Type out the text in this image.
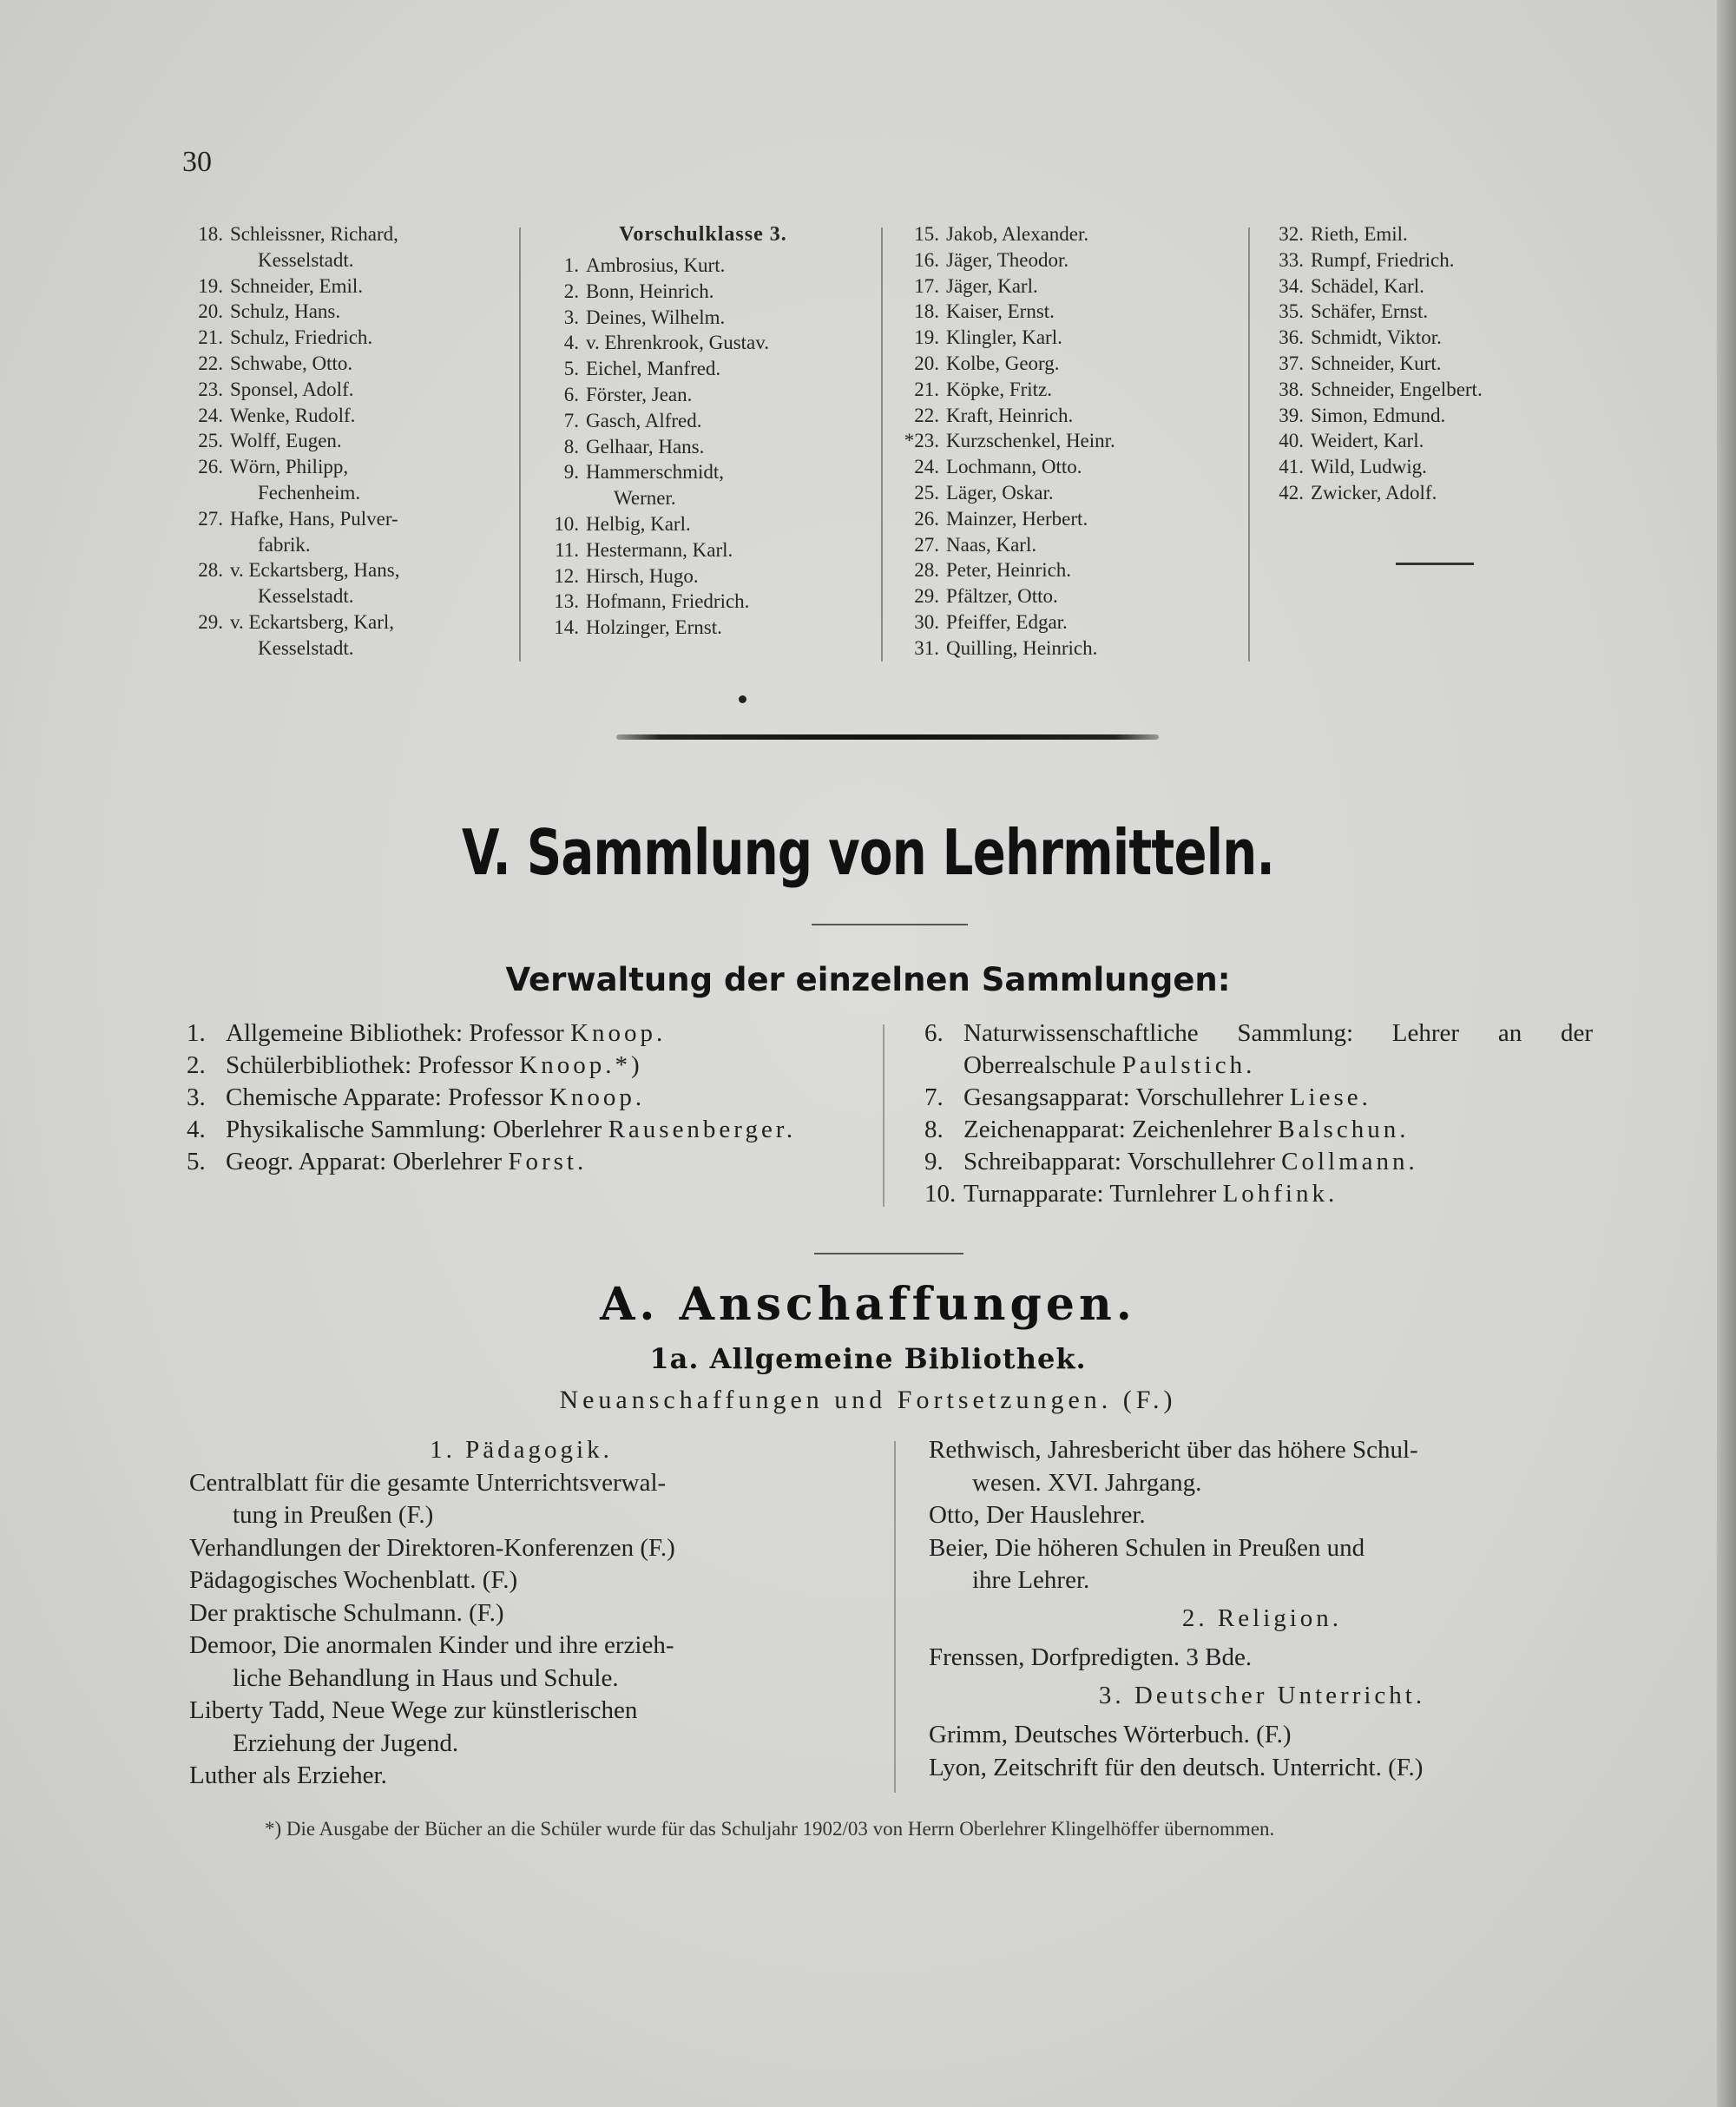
30
18. Schleissner, Richard,
Kesselstadt.
19. Schneider, Emil.
20. Schulz, Hans.
21. Schulz, Friedrich.
22. Schwabe, Otto.
23. Sponsel, Adolf.
24. Wenke, Rudolf.
25. Wolff, Eugen.
26. Wörn, Philipp,
Fechenheim.
27. Hafke, Hans, Pulver-
fabrik.
28. v. Eckartsberg, Hans,
Kesselstadt.
29. v. Eckartsberg, Karl,
Kesselstadt.
Vorschulklasse 3.
1. Ambrosius, Kurt.
2. Bonn, Heinrich.
3. Deines, Wilhelm.
4. v. Ehrenkrook, Gustav.
5. Eichel, Manfred.
6. Förster, Jean.
7. Gasch, Alfred.
8. Gelhaar, Hans.
9. Hammerschmidt,
Werner.
10. Helbig, Karl.
11. Hestermann, Karl.
12. Hirsch, Hugo.
13. Hofmann, Friedrich.
14. Holzinger, Ernst.
15. Jakob, Alexander.
16. Jäger, Theodor.
17. Jäger, Karl.
18. Kaiser, Ernst.
19. Klingler, Karl.
20. Kolbe, Georg.
21. Köpke, Fritz.
22. Kraft, Heinrich.
*23. Kurzschenkel, Heinr.
24. Lochmann, Otto.
25. Läger, Oskar.
26. Mainzer, Herbert.
27. Naas, Karl.
28. Peter, Heinrich.
29. Pfältzer, Otto.
30. Pfeiffer, Edgar.
31. Quilling, Heinrich.
32. Rieth, Emil.
33. Rumpf, Friedrich.
34. Schädel, Karl.
35. Schäfer, Ernst.
36. Schmidt, Viktor.
37. Schneider, Kurt.
38. Schneider, Engelbert.
39. Simon, Edmund.
40. Weidert, Karl.
41. Wild, Ludwig.
42. Zwicker, Adolf.
V. Sammlung von Lehrmitteln.
Verwaltung der einzelnen Sammlungen:
1. Allgemeine Bibliothek: Professor Knoop.
2. Schülerbibliothek: Professor Knoop.*)
3. Chemische Apparate: Professor Knoop.
4. Physikalische Sammlung: Oberlehrer Rausenberger.
5. Geogr. Apparat: Oberlehrer Forst.
6. Naturwissenschaftliche Sammlung: Lehrer an der Oberrealschule Paulstich.
7. Gesangsapparat: Vorschullehrer Liese.
8. Zeichenapparat: Zeichenlehrer Balschun.
9. Schreibapparat: Vorschullehrer Collmann.
10. Turnapparate: Turnlehrer Lohfink.
A. Anschaffungen.
1a. Allgemeine Bibliothek.
Neuanschaffungen und Fortsetzungen. (F.)
1. Pädagogik.
Centralblatt für die gesamte Unterrichtsverwal-
tung in Preußen (F.)
Verhandlungen der Direktoren-Konferenzen (F.)
Pädagogisches Wochenblatt. (F.)
Der praktische Schulmann. (F.)
Demoor, Die anormalen Kinder und ihre erzieh-
liche Behandlung in Haus und Schule.
Liberty Tadd, Neue Wege zur künstlerischen
Erziehung der Jugend.
Luther als Erzieher.
Rethwisch, Jahresbericht über das höhere Schul-
wesen. XVI. Jahrgang.
Otto, Der Hauslehrer.
Beier, Die höheren Schulen in Preußen und
ihre Lehrer.
2. Religion.
Frenssen, Dorfpredigten. 3 Bde.
3. Deutscher Unterricht.
Grimm, Deutsches Wörterbuch. (F.)
Lyon, Zeitschrift für den deutsch. Unterricht. (F.)
*) Die Ausgabe der Bücher an die Schüler wurde für das Schuljahr 1902/03 von Herrn Oberlehrer Klingelhöffer übernommen.
